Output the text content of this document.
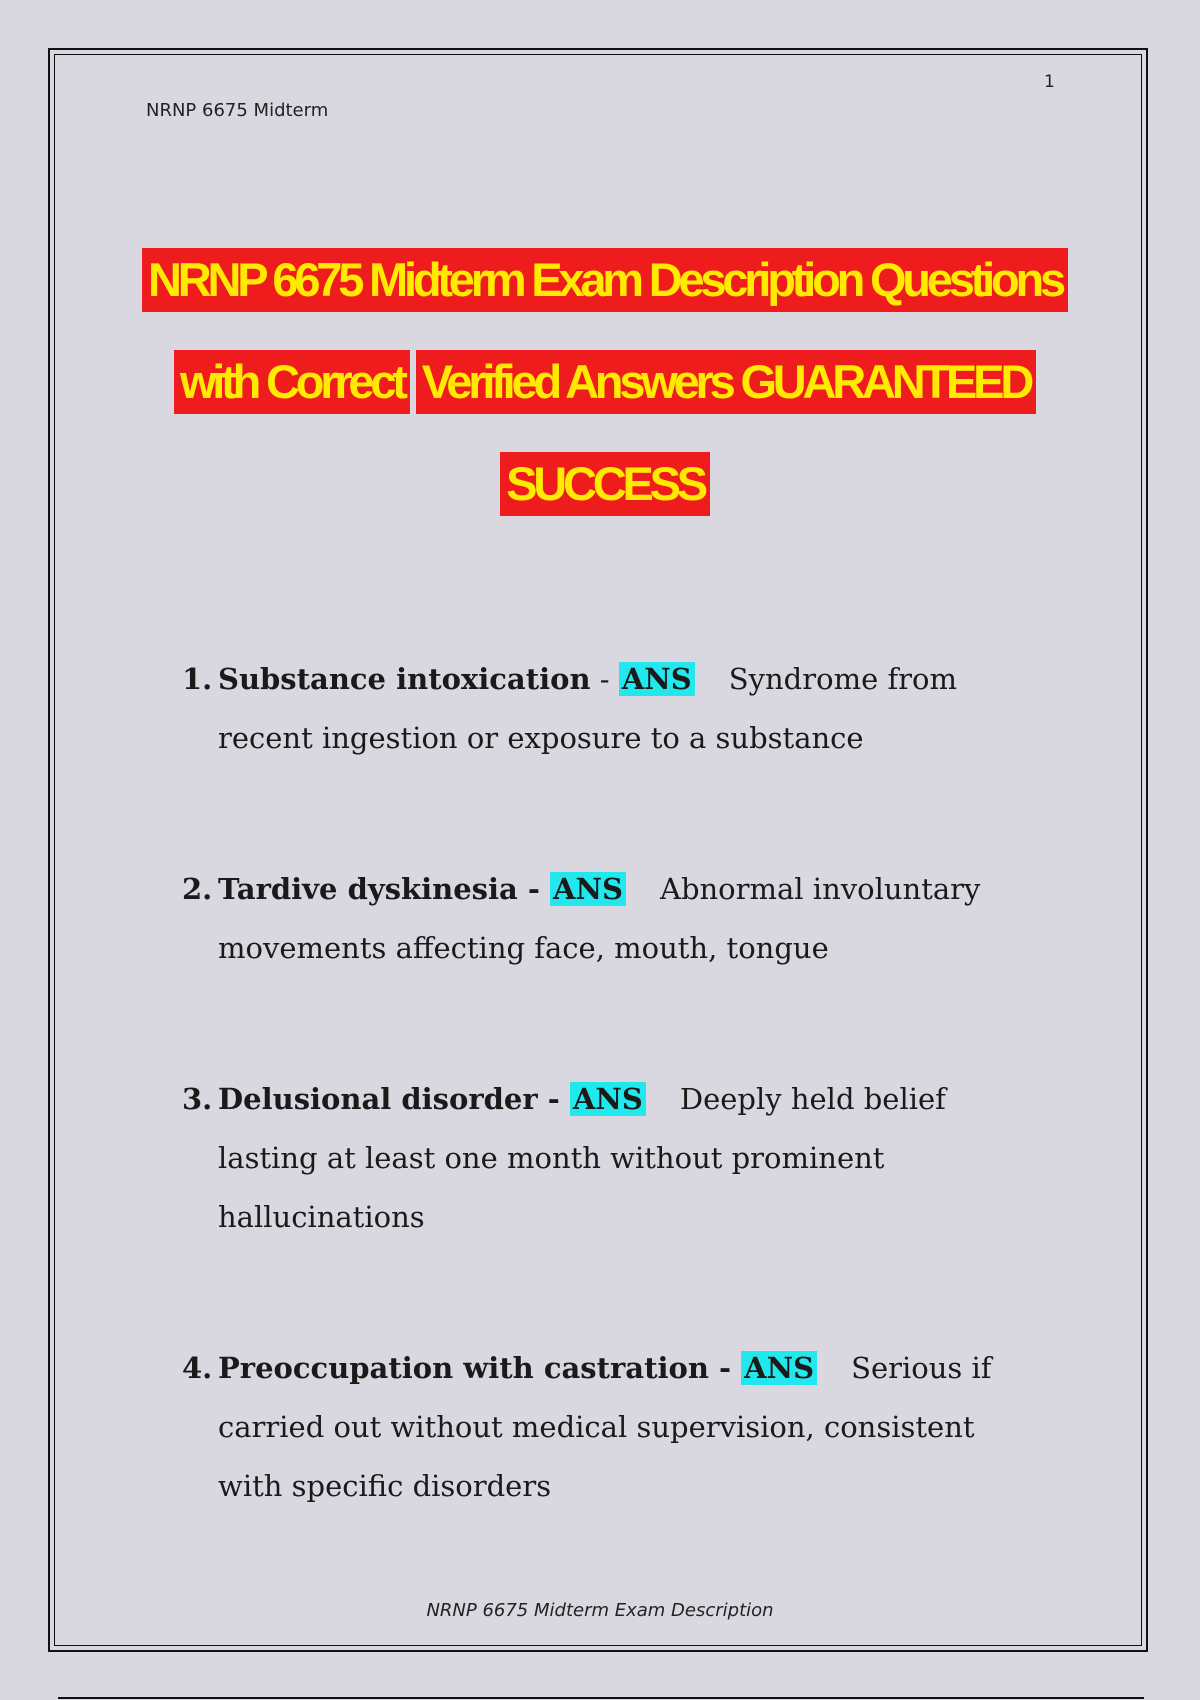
NRNP 6675 Midterm
1
NRNP 6675 Midterm Exam Description Questions
with Correct Verified Answers GUARANTEED
SUCCESS
1. Substance intoxication - ANS Syndrome from recent ingestion or exposure to a substance
2. Tardive dyskinesia - ANS Abnormal involuntary movements affecting face, mouth, tongue
3. Delusional disorder - ANS Deeply held belief lasting at least one month without prominent hallucinations
4. Preoccupation with castration - ANS Serious if carried out without medical supervision, consistent with specific disorders
NRNP 6675 Midterm Exam Description
